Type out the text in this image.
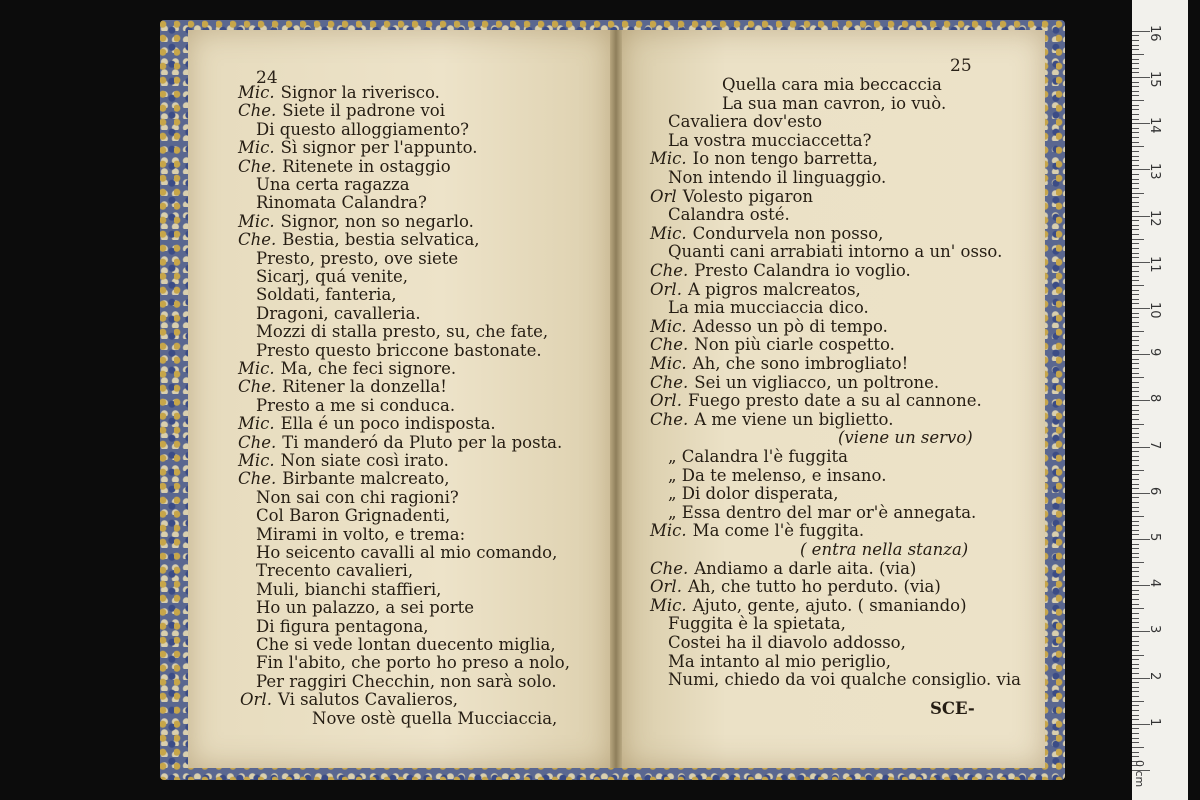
24
25
SCE-
Mic. Signor la riverisco.
Che. Siete il padrone voi
Di questo alloggiamento?
Mic. Sì signor per l'appunto.
Che. Ritenete in ostaggio
Una certa ragazza
Rinomata Calandra?
Mic. Signor, non so negarlo.
Che. Bestia, bestia selvatica,
Presto, presto, ove siete
Sicarj, quá venite,
Soldati, fanteria,
Dragoni, cavalleria.
Mozzi di stalla presto, su, che fate,
Presto questo briccone bastonate.
Mic. Ma, che feci signore.
Che. Ritener la donzella!
Presto a me si conduca.
Mic. Ella é un poco indisposta.
Che. Ti manderó da Pluto per la posta.
Mic. Non siate così irato.
Che. Birbante malcreato,
Non sai con chi ragioni?
Col Baron Grignadenti,
Mirami in volto, e trema:
Ho seicento cavalli al mio comando,
Trecento cavalieri,
Muli, bianchi staffieri,
Ho un palazzo, a sei porte
Di figura pentagona,
Che si vede lontan duecento miglia,
Fin l'abito, che porto ho preso a nolo,
Per raggiri Checchin, non sarà solo.
Orl. Vi salutos Cavalieros,
Nove ostè quella Mucciaccia,
Quella cara mia beccaccia
La sua man cavron, io vuò.
Cavaliera dov'esto
La vostra mucciaccetta?
Mic. Io non tengo barretta,
Non intendo il linguaggio.
Orl Volesto pigaron
Calandra osté.
Mic. Condurvela non posso,
Quanti cani arrabiati intorno a un' osso.
Che. Presto Calandra io voglio.
Orl. A pigros malcreatos,
La mia mucciaccia dico.
Mic. Adesso un pò di tempo.
Che. Non più ciarle cospetto.
Mic. Ah, che sono imbrogliato!
Che. Sei un vigliacco, un poltrone.
Orl. Fuego presto date a su al cannone.
Che. A me viene un biglietto.
(viene un servo)
„ Calandra l'è fuggita
„ Da te melenso, e insano.
„ Di dolor disperata,
„ Essa dentro del mar or'è annegata.
Mic. Ma come l'è fuggita.
( entra nella stanza)
Che. Andiamo a darle aita. (via)
Orl. Ah, che tutto ho perduto. (via)
Mic. Ajuto, gente, ajuto. ( smaniando)
Fuggita è la spietata,
Costei ha il diavolo addosso,
Ma intanto al mio periglio,
Numi, chiedo da voi qualche consiglio. via
16
15
14
13
12
11
10
9
8
7
6
5
4
3
2
1
0 cm
